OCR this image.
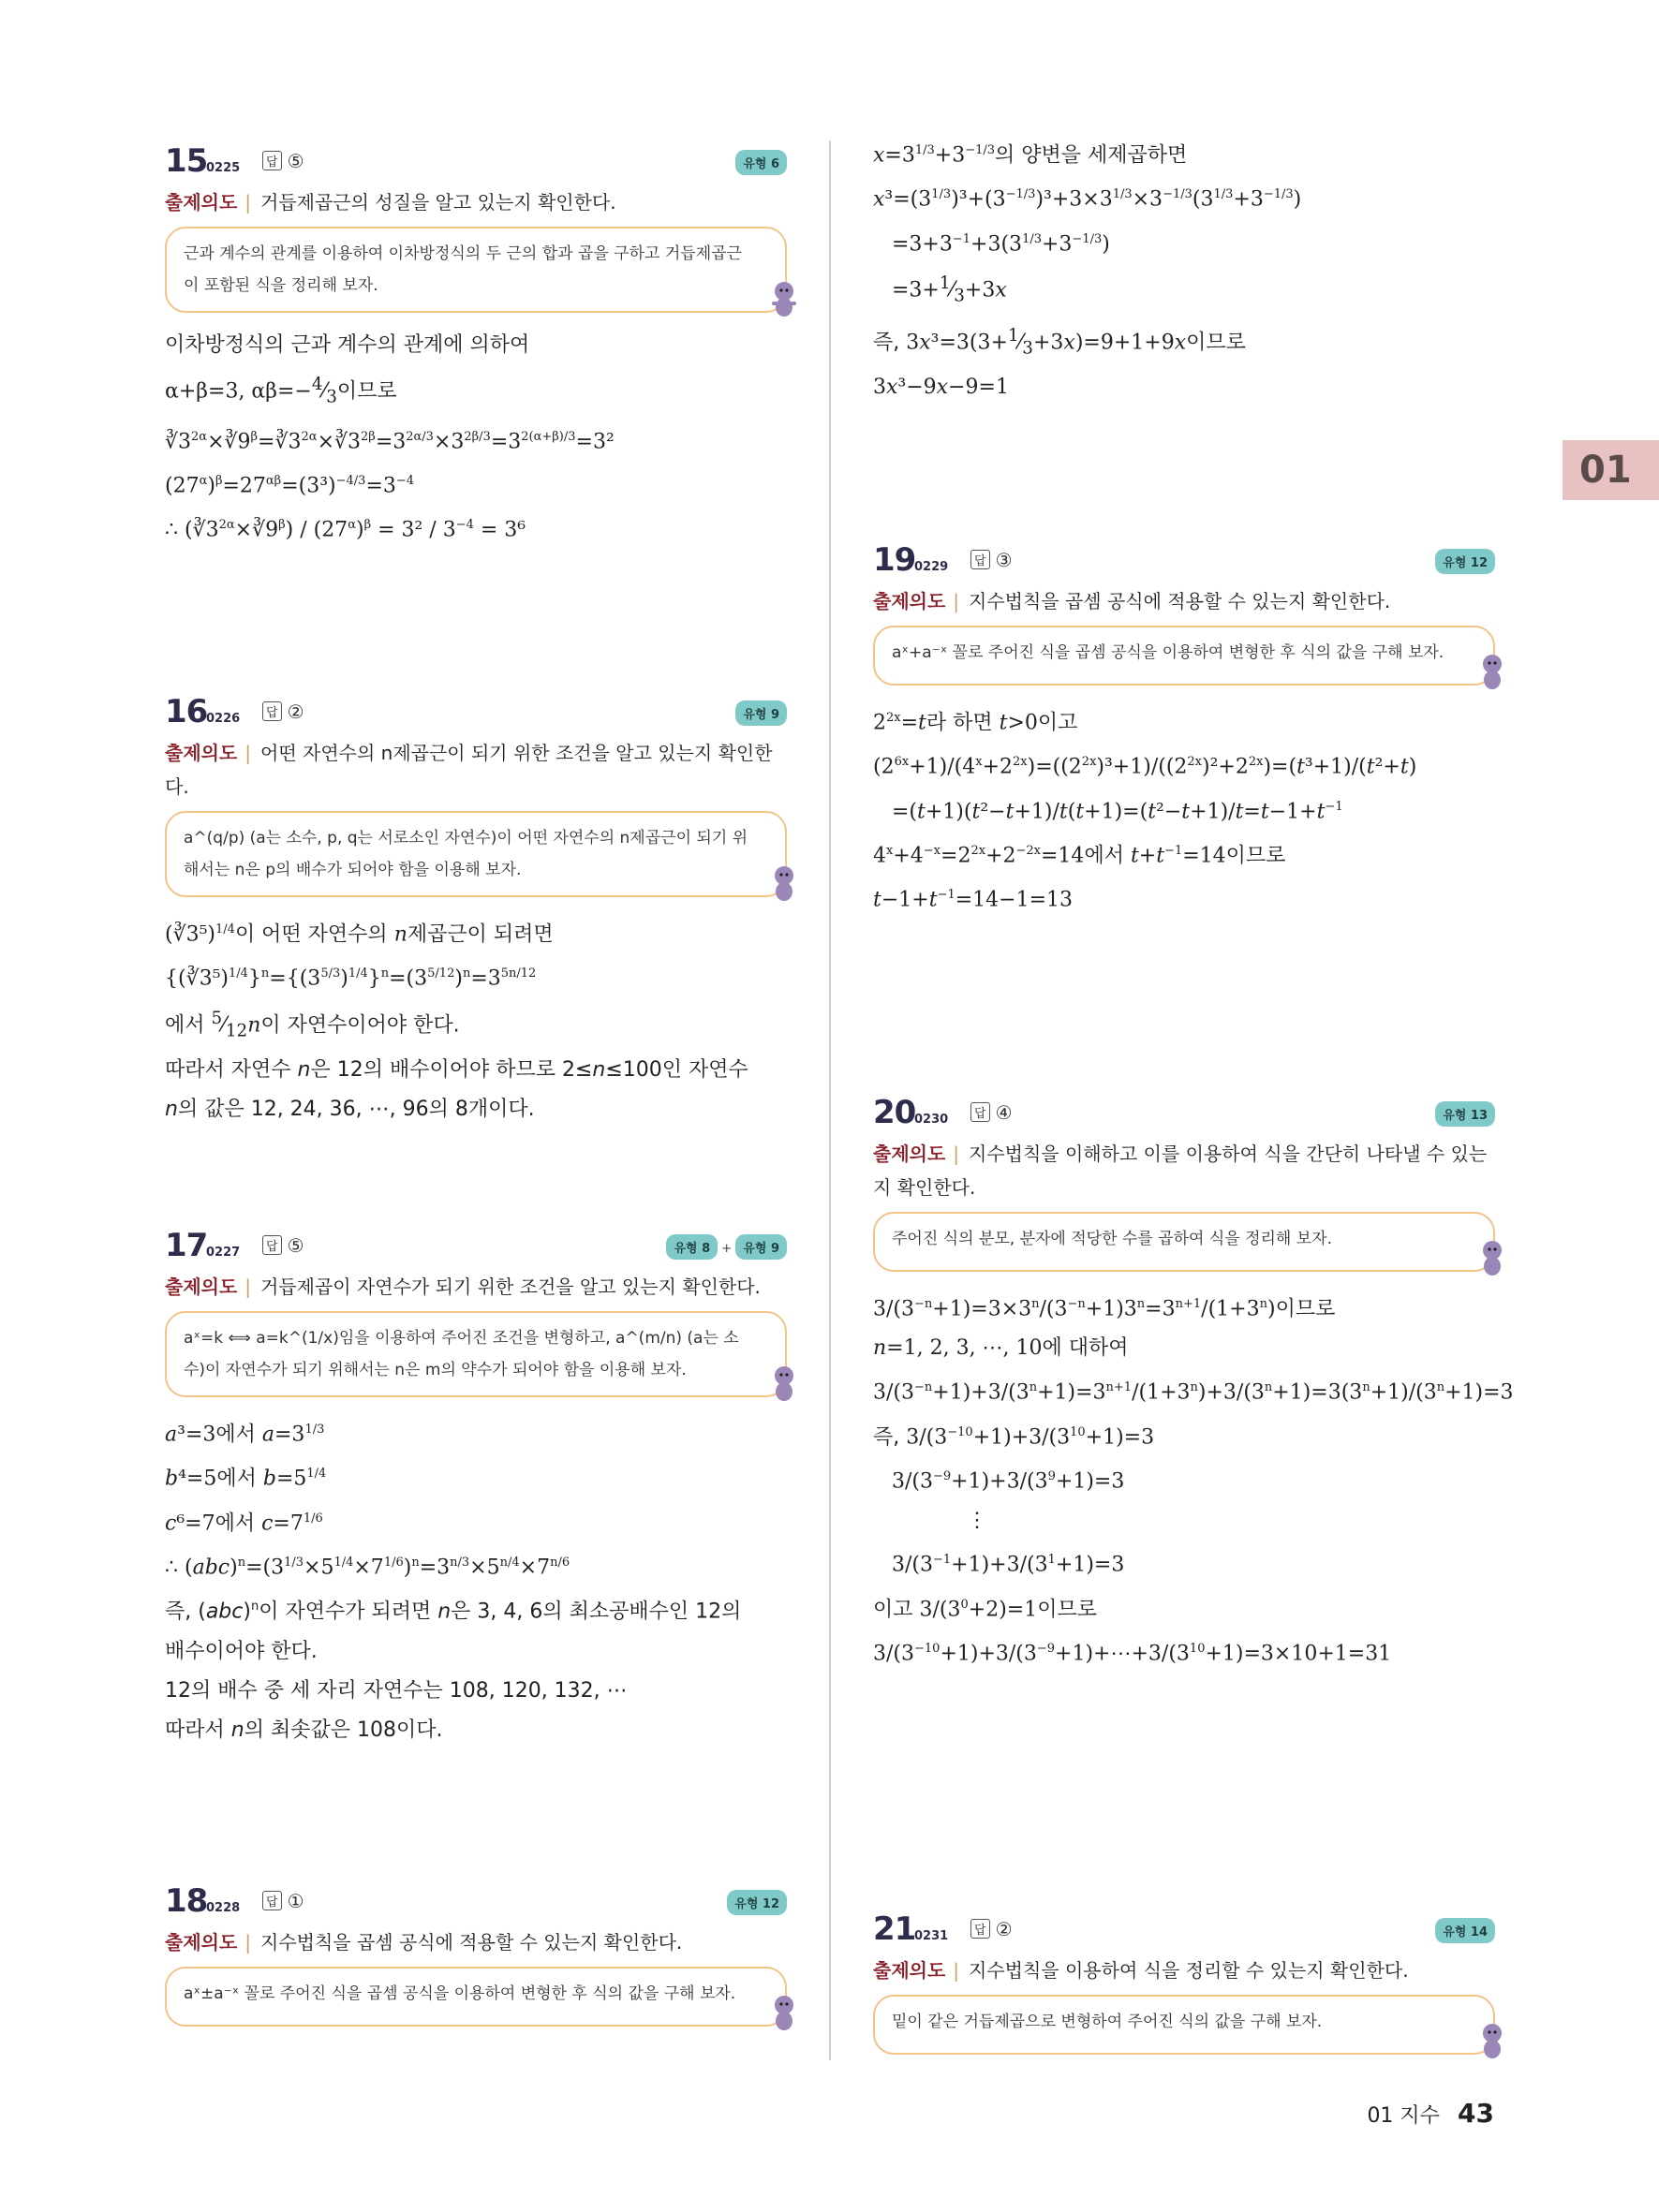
01
15
0225	답 ⑤	유형 6
출제의도 | 거듭제곱근의 성질을 알고 있는지 확인한다.
근과 계수의 관계를 이용하여 이차방정식의 두 근의 합과 곱을 구하고 거듭제곱근이 포함된 식을 정리해 보자.

이차방정식의 근과 계수의 관계에 의하여

α+β=3, $\alpha\beta=-^4⁄_3$이므로

$∛3^{2\alpha}\times∛9^\beta=∛3^{2\alpha}\times∛3^{2\beta}=3^{2\alpha/3}\times 3^{2\beta/3}=3^{2(\alpha+\beta)/3}=3^2$

$(27^\alpha)^\beta=27^{\alpha\beta}=(3^3)^{-4/3}=3^{-4}$

∴ $(∛3^{2\alpha}\times∛9^\beta) / (27^\alpha)^\beta = 3^2 / 3^{-4} = 3^6$

16
0226	답 ②	유형 9
출제의도 | 어떤 자연수의 n제곱근이 되기 위한 조건을 알고 있는지 확인한다.
a^(q/p) (a는 소수, p, q는 서로소인 자연수)이 어떤 자연수의 n제곱근이 되기 위해서는 n은 p의 배수가 되어야 함을 이용해 보자.

(∛3⁵)$^{1/4}$이 어떤 자연수의 n제곱근이 되려면

$\{(∛3^5)^{1/4}\}^n=\{(3^{5/3})^{1/4}\}^n=(3^{5/12})^n=3^{5n/12}$

에서 $^5⁄_{12}n$이 자연수이어야 한다.

따라서 자연수 n은 12의 배수이어야 하므로 2≤n≤100인 자연수

n의 값은 12, 24, 36, ⋯, 96의 8개이다.

17
0227	답 ⑤	유형 8 + 유형 9
출제의도 | 거듭제곱이 자연수가 되기 위한 조건을 알고 있는지 확인한다.
aˣ=k ⟺ a=k^(1/x)임을 이용하여 주어진 조건을 변형하고, a^(m/n) (a는 소수)이 자연수가 되기 위해서는 n은 m의 약수가 되어야 함을 이용해 보자.

a³=3에서 $a=3^{1/3}$

b⁴=5에서 $b=5^{1/4}$

c⁶=7에서 $c=7^{1/6}$

∴ $(abc)^n=(3^{1/3}\times 5^{1/4}\times 7^{1/6})^n=3^{n/3}\times 5^{n/4}\times 7^{n/6}$

즉, (abc)$^n$이 자연수가 되려면 n은 3, 4, 6의 최소공배수인 12의

배수이어야 한다.

12의 배수 중 세 자리 자연수는 108, 120, 132, ⋯

따라서 n의 최솟값은 108이다.

18
0228	답 ①	유형 12
출제의도 | 지수법칙을 곱셈 공식에 적용할 수 있는지 확인한다.
aˣ±a⁻ˣ 꼴로 주어진 식을 곱셈 공식을 이용하여 변형한 후 식의 값을 구해 보자.

$x=3^{1/3}+3^{-1/3}$의 양변을 세제곱하면

$x^3=(3^{1/3})^3+(3^{-1/3})^3+3\times 3^{1/3}\times 3^{-1/3}(3^{1/3}+3^{-1/3})$

$=3+3^{-1}+3(3^{1/3}+3^{-1/3})$

$=3+^1⁄_3+3x$

즉, $3x^3=3(3+^1⁄_3+3x)=9+1+9x$이므로

3x³−9x−9=1

19
0229	답 ③	유형 12
출제의도 | 지수법칙을 곱셈 공식에 적용할 수 있는지 확인한다.
aˣ+a⁻ˣ 꼴로 주어진 식을 곱셈 공식을 이용하여 변형한 후 식의 값을 구해 보자.

$2^{2x}=t$라 하면 t>0이고

$(2^{6x}+1)/(4^x+2^{2x})=((2^{2x})^3+1)/((2^{2x})^2+2^{2x})=(t^3+1)/(t^2+t)$

$=(t+1)(t^2-t+1)/t(t+1)=(t^2-t+1)/t=t-1+t^{-1}$

$4^x+4^{-x}=2^{2x}+2^{-2x}=14$에서 $t+t^{-1}=14$이므로

$t-1+t^{-1}=14-1=13$

20
0230	답 ④	유형 13
출제의도 | 지수법칙을 이해하고 이를 이용하여 식을 간단히 나타낼 수 있는지 확인한다.
주어진 식의 분모, 분자에 적당한 수를 곱하여 식을 정리해 보자.

$3/(3^{-n}+1)=3\times 3^n/(3^{-n}+1)3^n=3^{n+1}/(1+3^n)$이므로

n=1, 2, 3, ⋯, 10에 대하여

$3/(3^{-n}+1)+3/(3^n+1)=3^{n+1}/(1+3^n)+3/(3^n+1)=3(3^n+1)/(3^n+1)=3$

즉, $3/(3^{-10}+1)+3/(3^{10}+1)=3$

$3/(3^{-9}+1)+3/(3^9+1)=3$

⋮

$3/(3^{-1}+1)+3/(3^1+1)=3$

이고 $3/(3^0+2)=1$이므로

$3/(3^{-10}+1)+3/(3^{-9}+1)+\cdots+3/(3^{10}+1)=3\times 10+1=31$

21
0231	답 ②	유형 14
출제의도 | 지수법칙을 이용하여 식을 정리할 수 있는지 확인한다.
밑이 같은 거듭제곱으로 변형하여 주어진 식의 값을 구해 보자.
01 지수 43
